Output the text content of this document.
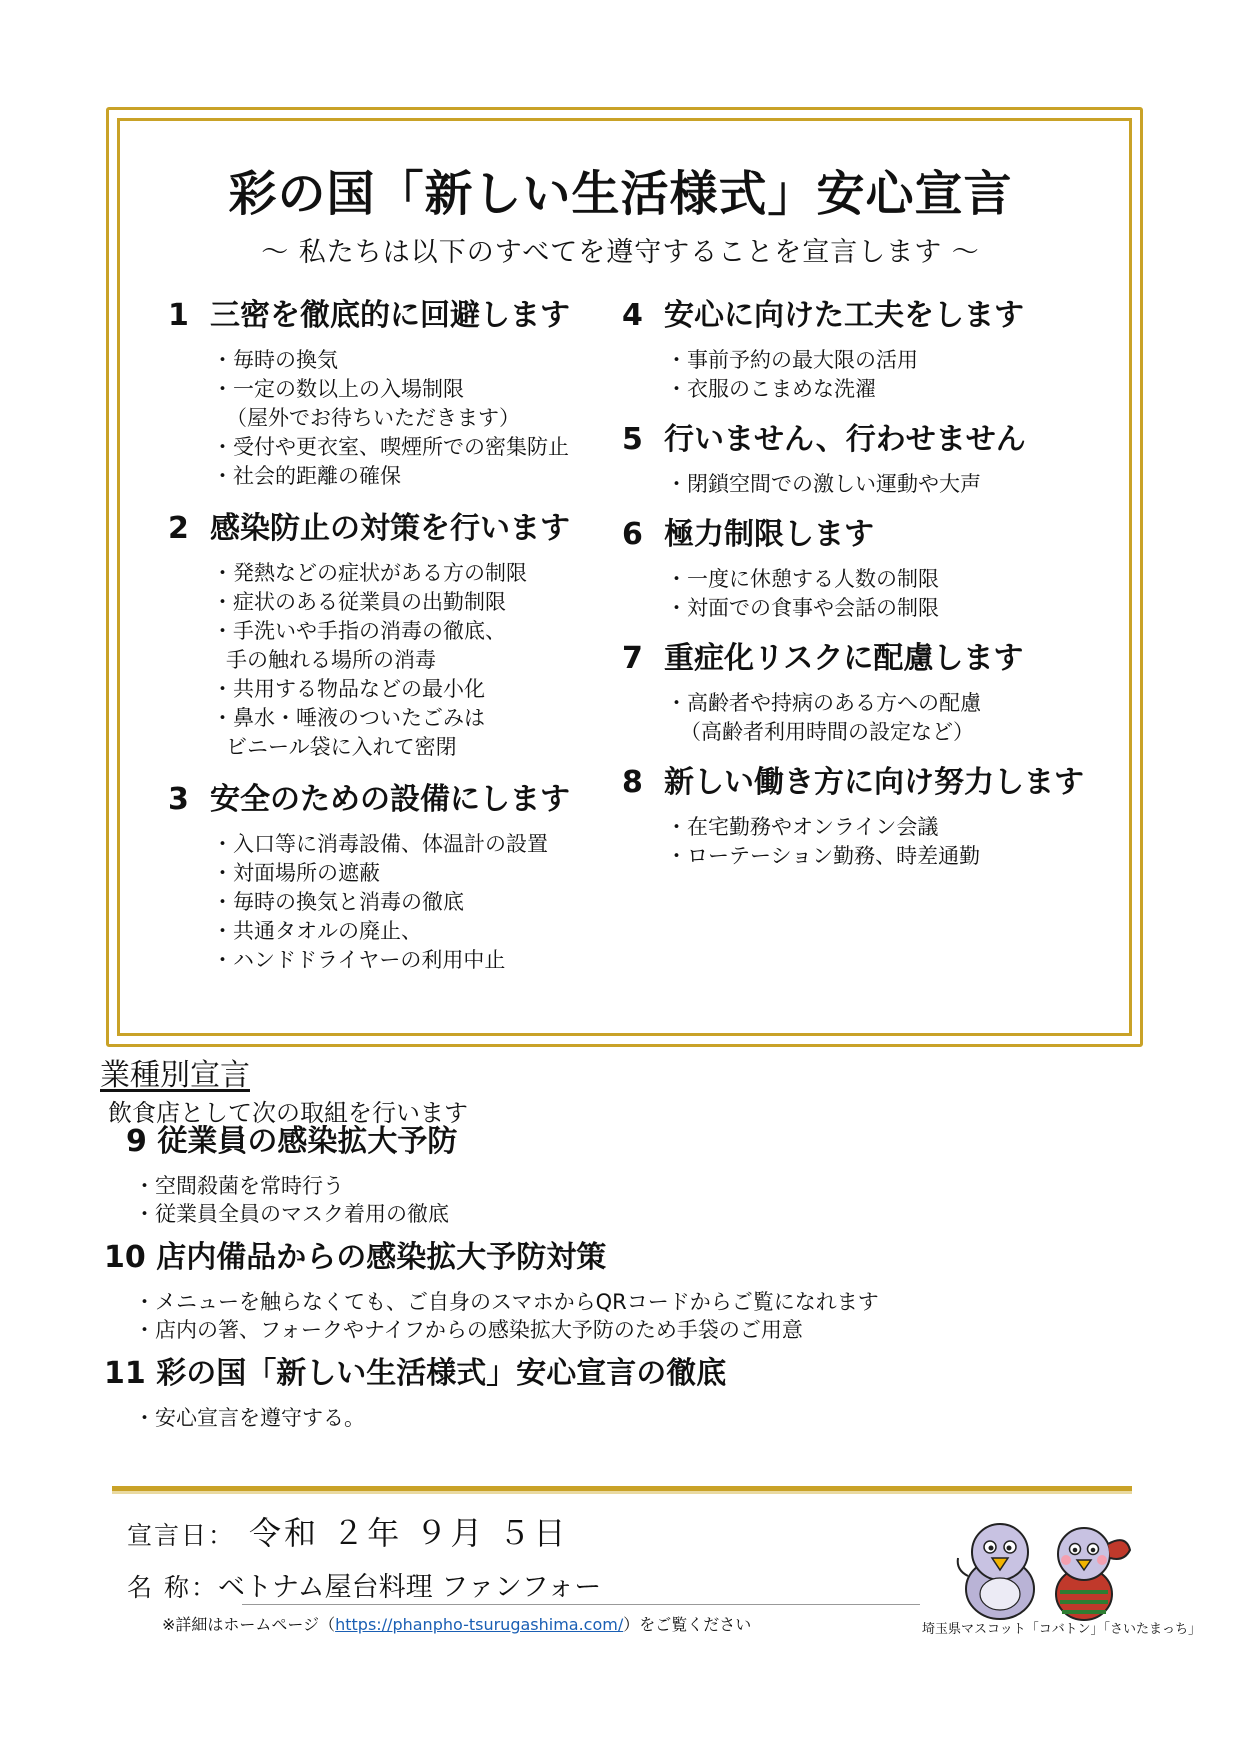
彩の国「新しい生活様式」安心宣言
～ 私たちは以下のすべてを遵守することを宣言します ～
1 三密を徹底的に回避します
・毎時の換気
・一定の数以上の入場制限
（屋外でお待ちいただきます）
・受付や更衣室、喫煙所での密集防止
・社会的距離の確保
2 感染防止の対策を行います
・発熱などの症状がある方の制限
・症状のある従業員の出勤制限
・手洗いや手指の消毒の徹底、
手の触れる場所の消毒
・共用する物品などの最小化
・鼻水・唾液のついたごみは
ビニール袋に入れて密閉
3 安全のための設備にします
・入口等に消毒設備、体温計の設置
・対面場所の遮蔽
・毎時の換気と消毒の徹底
・共通タオルの廃止、
・ハンドドライヤーの利用中止
4 安心に向けた工夫をします
・事前予約の最大限の活用
・衣服のこまめな洗濯
5 行いません、行わせません
・閉鎖空間での激しい運動や大声
6 極力制限します
・一度に休憩する人数の制限
・対面での食事や会話の制限
7 重症化リスクに配慮します
・高齢者や持病のある方への配慮
（高齢者利用時間の設定など）
8 新しい働き方に向け努力します
・在宅勤務やオンライン会議
・ローテーション勤務、時差通勤
業種別宣言
飲食店として次の取組を行います
9 従業員の感染拡大予防
・空間殺菌を常時行う
・従業員全員のマスク着用の徹底
10 店内備品からの感染拡大予防対策
・メニューを触らなくても、ご自身のスマホからQRコードからご覧になれます
・店内の箸、フォークやナイフからの感染拡大予防のため手袋のご用意
11 彩の国「新しい生活様式」安心宣言の徹底
・安心宣言を遵守する。
宣言日： 令和 ２年 ９月 ５日
名 称：ベトナム屋台料理 ファンフォー
※詳細はホームページ（https://phanpho-tsurugashima.com/）をご覧ください	埼玉県マスコット「コバトン」「さいたまっち」
